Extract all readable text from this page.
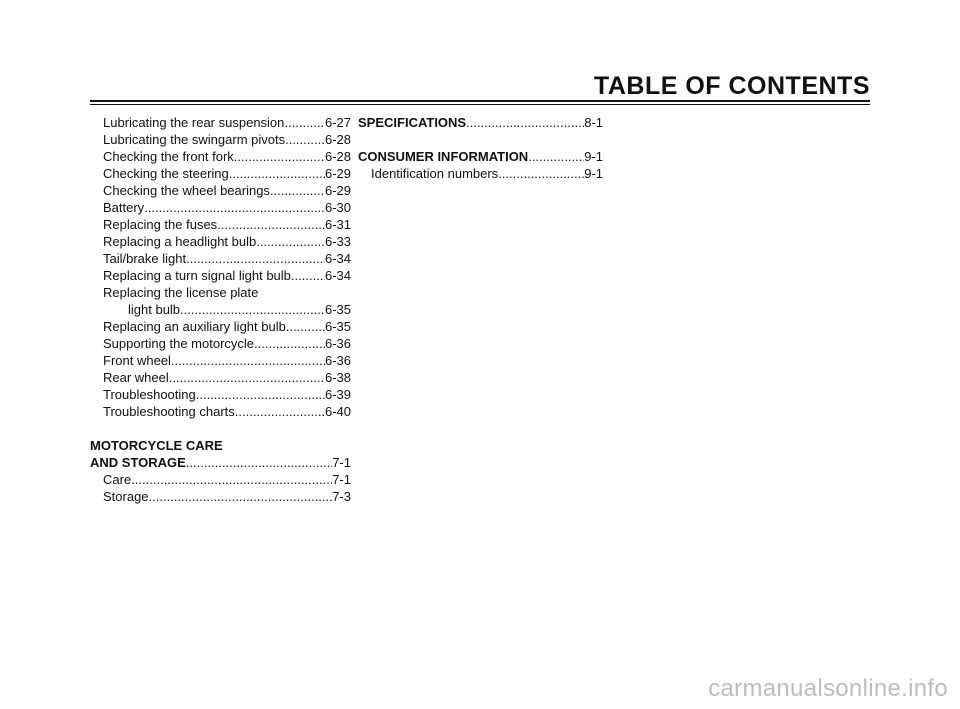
TABLE OF CONTENTS
Lubricating the rear suspension .....	6-27
Lubricating the swingarm pivots .....	6-28
Checking the front fork .....	6-28
Checking the steering .....	6-29
Checking the wheel bearings .....	6-29
Battery .....	6-30
Replacing the fuses .....	6-31
Replacing a headlight bulb .....	6-33
Tail/brake light .....	6-34
Replacing a turn signal light bulb .....	6-34
Replacing the license plate
light bulb .....	6-35
Replacing an auxiliary light bulb .....	6-35
Supporting the motorcycle .....	6-36
Front wheel .....	6-36
Rear wheel .....	6-38
Troubleshooting .....	6-39
Troubleshooting charts .....	6-40
MOTORCYCLE CARE
AND STORAGE .....	7-1
Care .....	7-1
Storage .....	7-3
SPECIFICATIONS .....	8-1
CONSUMER INFORMATION .....	9-1
Identification numbers .....	9-1
carmanualsonline.info
